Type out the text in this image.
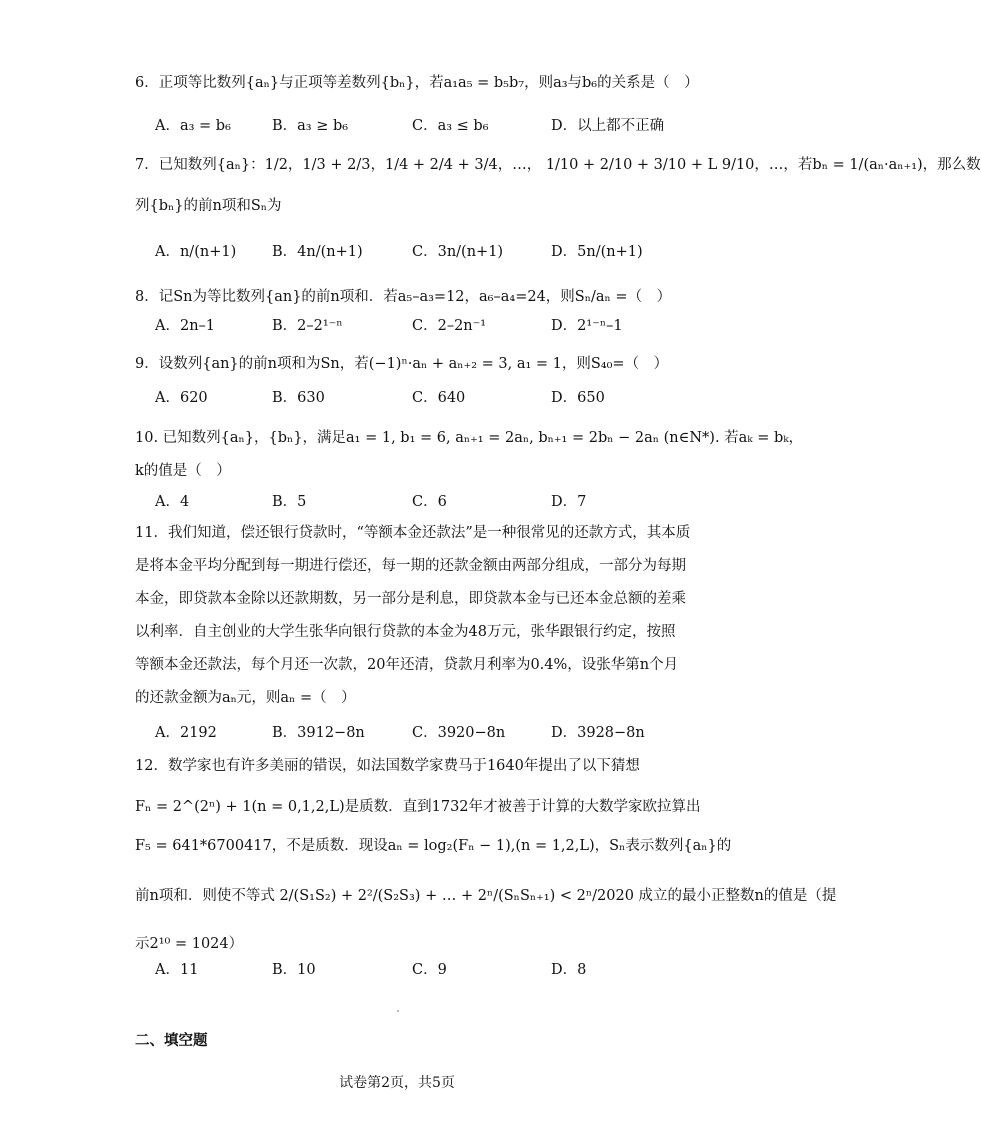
6．正项等比数列{aₙ}与正项等差数列{bₙ}，若a₁a₅ = b₅b₇，则a₃与b₆的关系是（　）
A．a₃ = b₆	B．a₃ ≥ b₆	C．a₃ ≤ b₆	D．以上都不正确
7．已知数列{aₙ}：1/2，1/3 + 2/3，1/4 + 2/4 + 3/4，…， 1/10 + 2/10 + 3/10 + L 9/10，…，若bₙ = 1/(aₙ·aₙ₊₁)，那么数
列{bₙ}的前n项和Sₙ为
A．n/(n+1) B．4n/(n+1)	C．3n/(n+1)	D．5n/(n+1)
8．记Sn为等比数列{an}的前n项和．若a₅–a₃=12，a₆–a₄=24，则Sₙ/aₙ =（　）
A．2n–1	B．2–2¹⁻ⁿ	C．2–2n⁻¹	D．2¹⁻ⁿ–1
9．设数列{an}的前n项和为Sn，若(−1)ⁿ·aₙ + aₙ₊₂ = 3, a₁ = 1，则S₄₀=（　）
A．620	B．630	C．640	D．650
10. 已知数列{aₙ}，{bₙ}，满足a₁ = 1, b₁ = 6, aₙ₊₁ = 2aₙ, bₙ₊₁ = 2bₙ − 2aₙ (n∈N*). 若aₖ = bₖ，
k的值是（　）
A．4	B．5	C．6	D．7
11．我们知道，偿还银行贷款时，“等额本金还款法”是一种很常见的还款方式，其本质
是将本金平均分配到每一期进行偿还，每一期的还款金额由两部分组成，一部分为每期
本金，即贷款本金除以还款期数，另一部分是利息，即贷款本金与已还本金总额的差乘
以利率．自主创业的大学生张华向银行贷款的本金为48万元，张华跟银行约定，按照
等额本金还款法，每个月还一次款，20年还清，贷款月利率为0.4%，设张华第n个月
的还款金额为aₙ元，则aₙ =（　）
A．2192	B．3912−8n	C．3920−8n	D．3928−8n
12．数学家也有许多美丽的错误，如法国数学家费马于1640年提出了以下猜想
Fₙ = 2^(2ⁿ) + 1(n = 0,1,2,L)是质数．直到1732年才被善于计算的大数学家欧拉算出
F₅ = 641*6700417，不是质数．现设aₙ = log₂(Fₙ − 1),(n = 1,2,L)，Sₙ表示数列{aₙ}的
前n项和．则使不等式 2/(S₁S₂) + 2²/(S₂S₃) + … + 2ⁿ/(SₙSₙ₊₁) < 2ⁿ/2020 成立的最小正整数n的值是（提
示2¹⁰ = 1024）
A．11	B．10	C．9	D．8
二、填空题
试卷第2页，共5页
